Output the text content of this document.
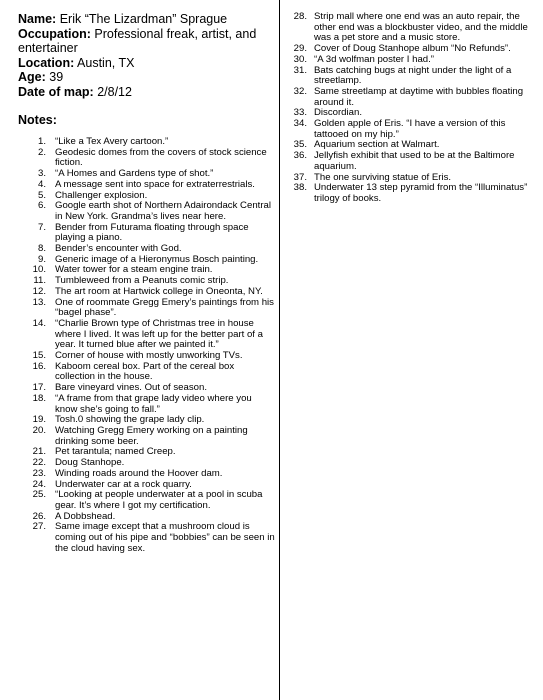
Name: Erik “The Lizardman” Sprague
Occupation: Professional freak, artist, and entertainer
Location: Austin, TX
Age: 39
Date of map: 2/8/12
Notes:
1. “Like a Tex Avery cartoon.”
2. Geodesic domes from the covers of stock science fiction.
3. “A Homes and Gardens type of shot.”
4. A message sent into space for extraterrestrials.
5. Challenger explosion.
6. Google earth shot of Northern Adairondack Central in New York. Grandma’s lives near here.
7. Bender from Futurama floating through space playing a piano.
8. Bender’s encounter with God.
9. Generic image of a Hieronymus Bosch painting.
10. Water tower for a steam engine train.
11. Tumbleweed from a Peanuts comic strip.
12. The art room at Hartwick college in Oneonta, NY.
13. One of roommate Gregg Emery’s paintings from his “bagel phase”.
14. “Charlie Brown type of Christmas tree in house where I lived. It was left up for the better part of a year. It turned blue after we painted it.”
15. Corner of house with mostly unworking TVs.
16. Kaboom cereal box. Part of the cereal box collection in the house.
17. Bare vineyard vines. Out of season.
18. “A frame from that grape lady video where you know she’s going to fall.”
19. Tosh.0 showing the grape lady clip.
20. Watching Gregg Emery working on a painting drinking some beer.
21. Pet tarantula; named Creep.
22. Doug Stanhope.
23. Winding roads around the Hoover dam.
24. Underwater car at a rock quarry.
25. “Looking at people underwater at a pool in scuba gear. It’s where I got my certification.
26. A Dobbshead.
27. Same image except that a mushroom cloud is coming out of his pipe and “bobbies” can be seen in the cloud having sex.
28. Strip mall where one end was an auto repair, the other end was a blockbuster video, and the middle was a pet store and a music store.
29. Cover of Doug Stanhope album “No Refunds”.
30. “A 3d wolfman poster I had.”
31. Bats catching bugs at night under the light of a streetlamp.
32. Same streetlamp at daytime with bubbles floating around it.
33. Discordian.
34. Golden apple of Eris. “I have a version of this tattooed on my hip.”
35. Aquarium section at Walmart.
36. Jellyfish exhibit that used to be at the Baltimore aquarium.
37. The one surviving statue of Eris.
38. Underwater 13 step pyramid from the “Illuminatus” trilogy of books.
